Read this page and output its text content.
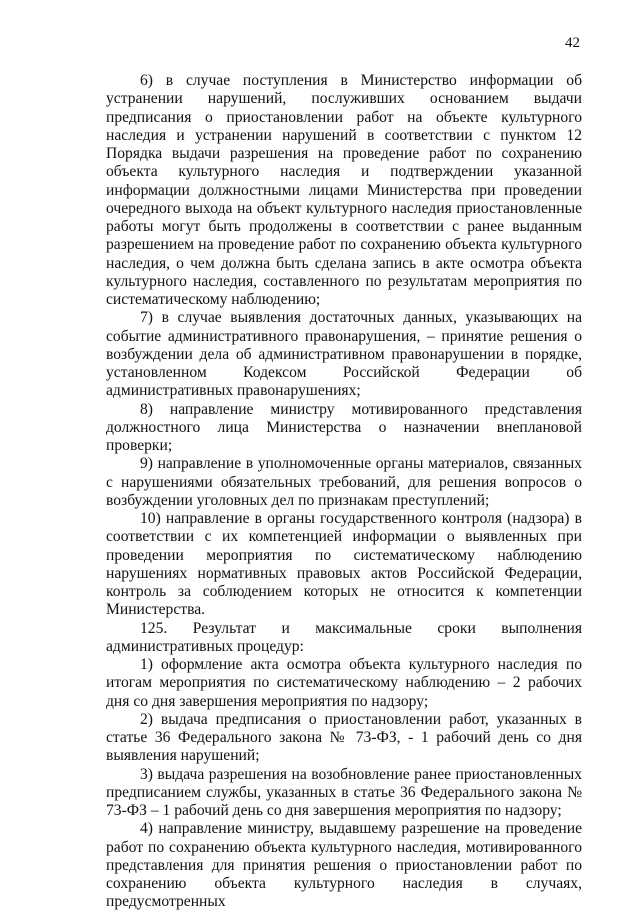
42

6) в случае поступления в Министерство информации об устранении нарушений, послуживших основанием выдачи предписания о приостановлении работ на объекте культурного наследия и устранении нарушений в соответствии с пунктом 12 Порядка выдачи разрешения на проведение работ по сохранению объекта культурного наследия и подтверждении указанной информации должностными лицами Министерства при проведении очередного выхода на объект культурного наследия приостановленные работы могут быть продолжены в соответствии с ранее выданным разрешением на проведение работ по сохранению объекта культурного наследия, о чем должна быть сделана запись в акте осмотра объекта культурного наследия, составленного по результатам мероприятия по систематическому наблюдению;

7) в случае выявления достаточных данных, указывающих на событие административного правонарушения, – принятие решения о возбуждении дела об административном правонарушении в порядке, установленном Кодексом Российской Федерации об административных правонарушениях;

8) направление министру мотивированного представления должностного лица Министерства о назначении внеплановой проверки;

9) направление в уполномоченные органы материалов, связанных с нарушениями обязательных требований, для решения вопросов о возбуждении уголовных дел по признакам преступлений;

10) направление в органы государственного контроля (надзора) в соответствии с их компетенцией информации о выявленных при проведении мероприятия по систематическому наблюдению нарушениях нормативных правовых актов Российской Федерации, контроль за соблюдением которых не относится к компетенции Министерства.

125. Результат и максимальные сроки выполнения административных процедур:

1) оформление акта осмотра объекта культурного наследия по итогам мероприятия по систематическому наблюдению – 2 рабочих дня со дня завершения мероприятия по надзору;

2) выдача предписания о приостановлении работ, указанных в статье 36 Федерального закона № 73-ФЗ, - 1 рабочий день со дня выявления нарушений;

3) выдача разрешения на возобновление ранее приостановленных предписанием службы, указанных в статье 36 Федерального закона № 73-ФЗ – 1 рабочий день со дня завершения мероприятия по надзору;

4) направление министру, выдавшему разрешение на проведение работ по сохранению объекта культурного наследия, мотивированного представления для принятия решения о приостановлении работ по сохранению объекта культурного наследия в случаях, предусмотренных
